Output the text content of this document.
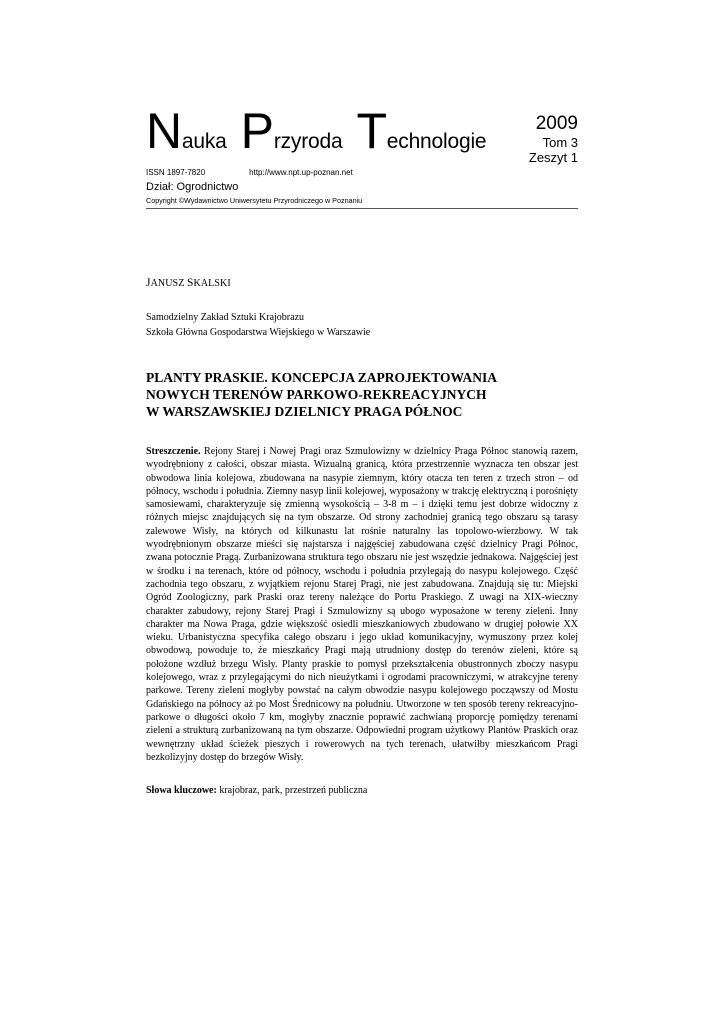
Nauka Przyroda Technologie
2009
Tom 3
Zeszyt 1
ISSN 1897-7820	http://www.npt.up-poznan.net
Dział: Ogrodnictwo
Copyright ©Wydawnictwo Uniwersytetu Przyrodniczego w Poznaniu
JANUSZ SKALSKI
Samodzielny Zakład Sztuki Krajobrazu
Szkoła Główna Gospodarstwa Wiejskiego w Warszawie
PLANTY PRASKIE. KONCEPCJA ZAPROJEKTOWANIA
NOWYCH TERENÓW PARKOWO-REKREACYJNYCH
W WARSZAWSKIEJ DZIELNICY PRAGA PÓŁNOC

Streszczenie. Rejony Starej i Nowej Pragi oraz Szmulowizny w dzielnicy Praga Północ stanowią razem, wyodrębniony z całości, obszar miasta. Wizualną granicą, która przestrzennie wyznacza ten obszar jest obwodowa linia kolejowa, zbudowana na nasypie ziemnym, który otacza ten teren z trzech stron – od północy, wschodu i południa. Ziemny nasyp linii kolejowej, wyposażony w trakcję elektryczną i porośnięty samosiewami, charakteryzuje się zmienną wysokością – 3-8 m – i dzięki temu jest dobrze widoczny z różnych miejsc znajdujących się na tym obszarze. Od strony zachodniej granicą tego obszaru są tarasy zalewowe Wisły, na których od kilkunastu lat rośnie naturalny las topolowo-wierzbowy. W tak wyodrębnionym obszarze mieści się najstarsza i najgęściej zabudowana część dzielnicy Pragi Północ, zwana potocznie Pragą. Zurbanizowana struktura tego obszaru nie jest wszędzie jednakowa. Najgęściej jest w środku i na terenach, które od północy, wschodu i południa przylegają do nasypu kolejowego. Część zachodnia tego obszaru, z wyjątkiem rejonu Starej Pragi, nie jest zabudowana. Znajdują się tu: Miejski Ogród Zoologiczny, park Praski oraz tereny należące do Portu Praskiego. Z uwagi na XIX-wieczny charakter zabudowy, rejony Starej Pragi i Szmulowizny są ubogo wyposażone w tereny zieleni. Inny charakter ma Nowa Praga, gdzie większość osiedli mieszkaniowych zbudowano w drugiej połowie XX wieku. Urbanistyczna specyfika całego obszaru i jego układ komunikacyjny, wymuszony przez kolej obwodową, powoduje to, że mieszkańcy Pragi mają utrudniony dostęp do terenów zieleni, które są położone wzdłuż brzegu Wisły. Planty praskie to pomysł przekształcenia obustronnych zboczy nasypu kolejowego, wraz z przylegającymi do nich nieużytkami i ogrodami pracowniczymi, w atrakcyjne tereny parkowe. Tereny zieleni mogłyby powstać na całym obwodzie nasypu kolejowego począwszy od Mostu Gdańskiego na północy aż po Most Średnicowy na południu. Utworzone w ten sposób tereny rekreacyjno-parkowe o długości około 7 km, mogłyby znacznie poprawić zachwianą proporcję pomiędzy terenami zieleni a strukturą zurbanizowaną na tym obszarze. Odpowiedni program użytkowy Plantów Praskich oraz wewnętrzny układ ścieżek pieszych i rowerowych na tych terenach, ułatwiłby mieszkańcom Pragi bezkolizyjny dostęp do brzegów Wisły.

Słowa kluczowe: krajobraz, park, przestrzeń publiczna
